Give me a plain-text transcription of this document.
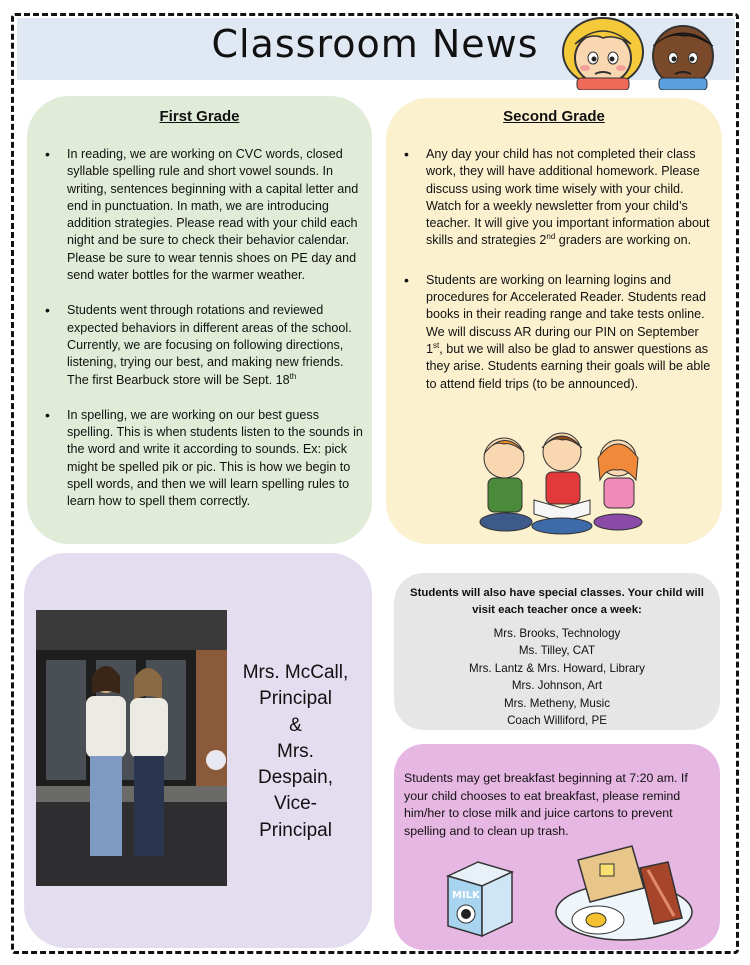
Classroom News
First Grade
• In reading, we are working on CVC words, closed syllable spelling rule and short vowel sounds. In writing, sentences beginning with a capital letter and end in punctuation. In math, we are introducing addition strategies. Please read with your child each night and be sure to check their behavior calendar. Please be sure to wear tennis shoes on PE day and send water bottles for the warmer weather.
• Students went through rotations and reviewed expected behaviors in different areas of the school. Currently, we are focusing on following directions, listening, trying our best, and making new friends. The first Bearbuck store will be Sept. 18th
• In spelling, we are working on our best guess spelling. This is when students listen to the sounds in the word and write it according to sounds. Ex: pick might be spelled pik or pic. This is how we begin to spell words, and then we will learn spelling rules to learn how to spell them correctly.
Second Grade
• Any day your child has not completed their class work, they will have additional homework. Please discuss using work time wisely with your child. Watch for a weekly newsletter from your child’s teacher. It will give you important information about skills and strategies 2nd graders are working on.
• Students are working on learning logins and procedures for Accelerated Reader. Students read books in their reading range and take tests online. We will discuss AR during our PIN on September 1st, but we will also be glad to answer questions as they arise. Students earning their goals will be able to attend field trips (to be announced).
Mrs. McCall,
Principal
&
Mrs.
Despain,
Vice-
Principal
Students will also have special classes. Your child will visit each teacher once a week:
Mrs. Brooks, Technology
Ms. Tilley, CAT
Mrs. Lantz & Mrs. Howard, Library
Mrs. Johnson, Art
Mrs. Metheny, Music
Coach Williford, PE
Students may get breakfast beginning at 7:20 am. If your child chooses to eat breakfast, please remind him/her to close milk and juice cartons to prevent spelling and to clean up trash.
MILK
